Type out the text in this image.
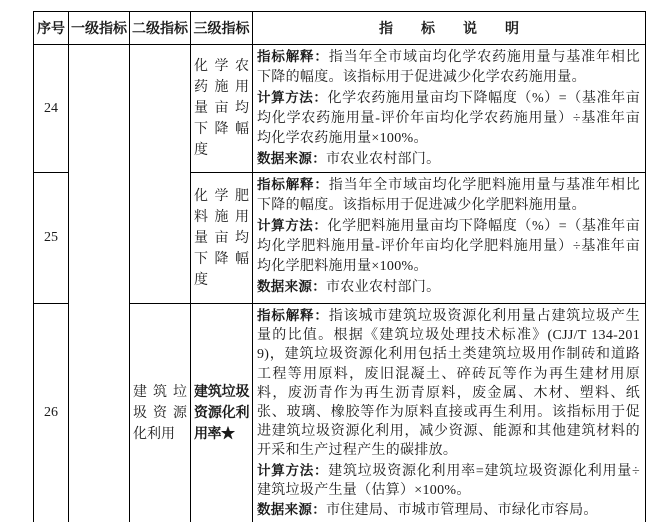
序号	一级指标	二级指标	三级指标	指标说明
24			化学农药施用量亩均下降幅度	指标解释：指当年全市域亩均化学农药施用量与基准年相比下降的幅度。该指标用于促进减少化学农药施用量。
计算方法：化学农药施用量亩均下降幅度（%）=（基准年亩均化学农药施用量-评价年亩均化学农药施用量）÷基准年亩均化学农药施用量×100%。
数据来源：市农业农村部门。

25			化学肥料施用量亩均下降幅度	指标解释：指当年全市域亩均化学肥料施用量与基准年相比下降的幅度。该指标用于促进减少化学肥料施用量。
计算方法：化学肥料施用量亩均下降幅度（%）=（基准年亩均化学肥料施用量-评价年亩均化学肥料施用量）÷基准年亩均化学肥料施用量×100%。
数据来源：市农业农村部门。

26		建筑垃圾资源化利用	建筑垃圾资源化利用率★	指标解释：指该城市建筑垃圾资源化利用量占建筑垃圾产生量的比值。根据《建筑垃圾处理技术标准》(CJJ/T 134-2019)，建筑垃圾资源化利用包括土类建筑垃圾用作制砖和道路工程等用原料，废旧混凝土、碎砖瓦等作为再生建材用原料，废沥青作为再生沥青原料，废金属、木材、塑料、纸张、玻璃、橡胶等作为原料直接或再生利用。该指标用于促进建筑垃圾资源化利用，减少资源、能源和其他建筑材料的开采和生产过程产生的碳排放。
计算方法：建筑垃圾资源化利用率=建筑垃圾资源化利用量÷建筑垃圾产生量（估算）×100%。
数据来源：市住建局、市城市管理局、市绿化市容局。
